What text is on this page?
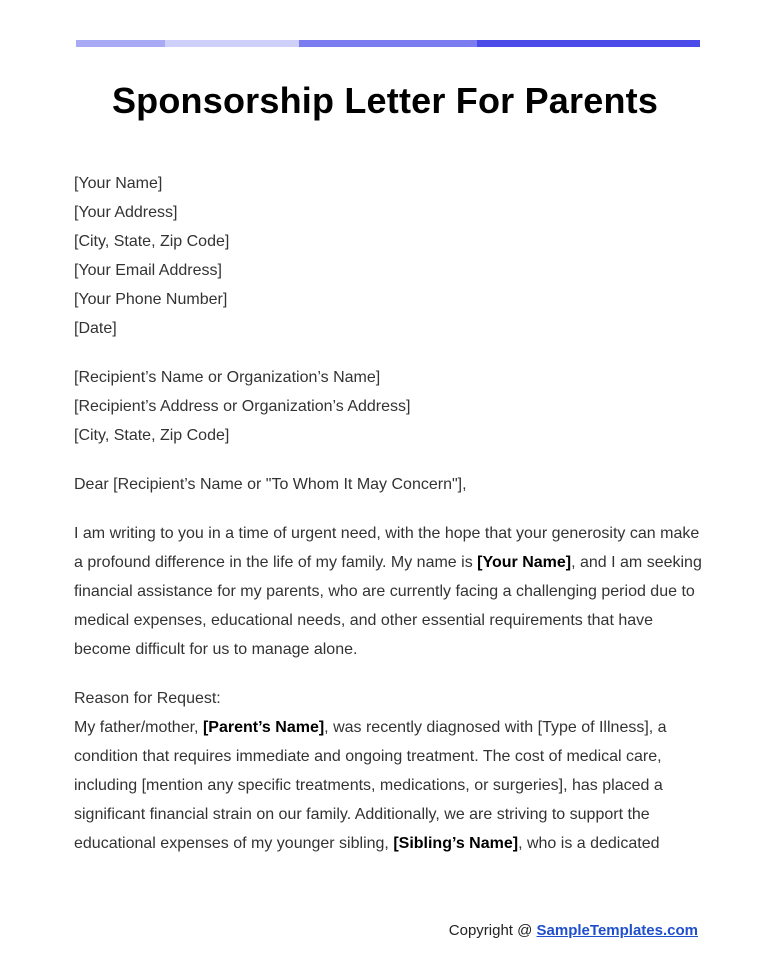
Sponsorship Letter For Parents
[Your Name]
[Your Address]
[City, State, Zip Code]
[Your Email Address]
[Your Phone Number]
[Date]
[Recipient’s Name or Organization’s Name]
[Recipient’s Address or Organization’s Address]
[City, State, Zip Code]
Dear [Recipient’s Name or "To Whom It May Concern"],
I am writing to you in a time of urgent need, with the hope that your generosity can make a profound difference in the life of my family. My name is [Your Name], and I am seeking financial assistance for my parents, who are currently facing a challenging period due to medical expenses, educational needs, and other essential requirements that have become difficult for us to manage alone.
Reason for Request:
My father/mother, [Parent’s Name], was recently diagnosed with [Type of Illness], a condition that requires immediate and ongoing treatment. The cost of medical care, including [mention any specific treatments, medications, or surgeries], has placed a significant financial strain on our family. Additionally, we are striving to support the educational expenses of my younger sibling, [Sibling’s Name], who is a dedicated
Copyright @ SampleTemplates.com
